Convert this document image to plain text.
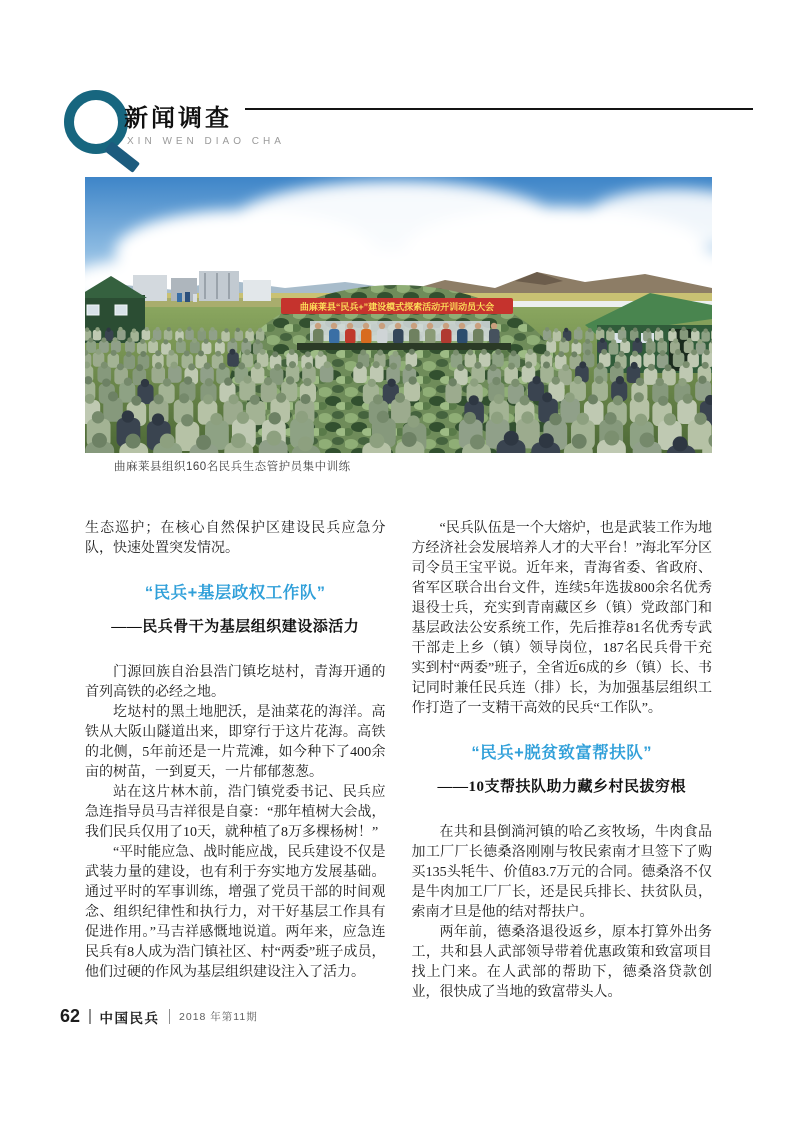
新闻调查
XIN WEN DIAO CHA
曲麻莱县“民兵+”建设模式探索活动开训动员大会
曲麻莱县组织160名民兵生态管护员集中训练

生态巡护；在核心自然保护区建设民兵应急分队，快速处置突发情况。

“民兵+基层政权工作队”
——民兵骨干为基层组织建设添活力

门源回族自治县浩门镇圪垯村，青海开通的首列高铁的必经之地。

圪垯村的黑土地肥沃，是油菜花的海洋。高铁从大阪山隧道出来，即穿行于这片花海。高铁的北侧，5年前还是一片荒滩，如今种下了400余亩的树苗，一到夏天，一片郁郁葱葱。

站在这片林木前，浩门镇党委书记、民兵应急连指导员马吉祥很是自豪：“那年植树大会战，我们民兵仅用了10天，就种植了8万多棵杨树！”

“平时能应急、战时能应战，民兵建设不仅是武装力量的建设，也有利于夯实地方发展基础。通过平时的军事训练，增强了党员干部的时间观念、组织纪律性和执行力，对干好基层工作具有促进作用。”马吉祥感慨地说道。两年来，应急连民兵有8人成为浩门镇社区、村“两委”班子成员，他们过硬的作风为基层组织建设注入了活力。

“民兵队伍是一个大熔炉，也是武装工作为地方经济社会发展培养人才的大平台！”海北军分区司令员王宝平说。近年来，青海省委、省政府、省军区联合出台文件，连续5年选拔800余名优秀退役士兵，充实到青南藏区乡（镇）党政部门和基层政法公安系统工作，先后推荐81名优秀专武干部走上乡（镇）领导岗位，187名民兵骨干充实到村“两委”班子，全省近6成的乡（镇）长、书记同时兼任民兵连（排）长，为加强基层组织工作打造了一支精干高效的民兵“工作队”。

“民兵+脱贫致富帮扶队”
——10支帮扶队助力藏乡村民拔穷根

在共和县倒淌河镇的哈乙亥牧场，牛肉食品加工厂厂长德桑洛刚刚与牧民索南才旦签下了购买135头牦牛、价值83.7万元的合同。德桑洛不仅是牛肉加工厂厂长，还是民兵排长、扶贫队员，索南才旦是他的结对帮扶户。

两年前，德桑洛退役返乡，原本打算外出务工，共和县人武部领导带着优惠政策和致富项目找上门来。在人武部的帮助下，德桑洛贷款创业，很快成了当地的致富带头人。

62 中国民兵 2018 年第11期
